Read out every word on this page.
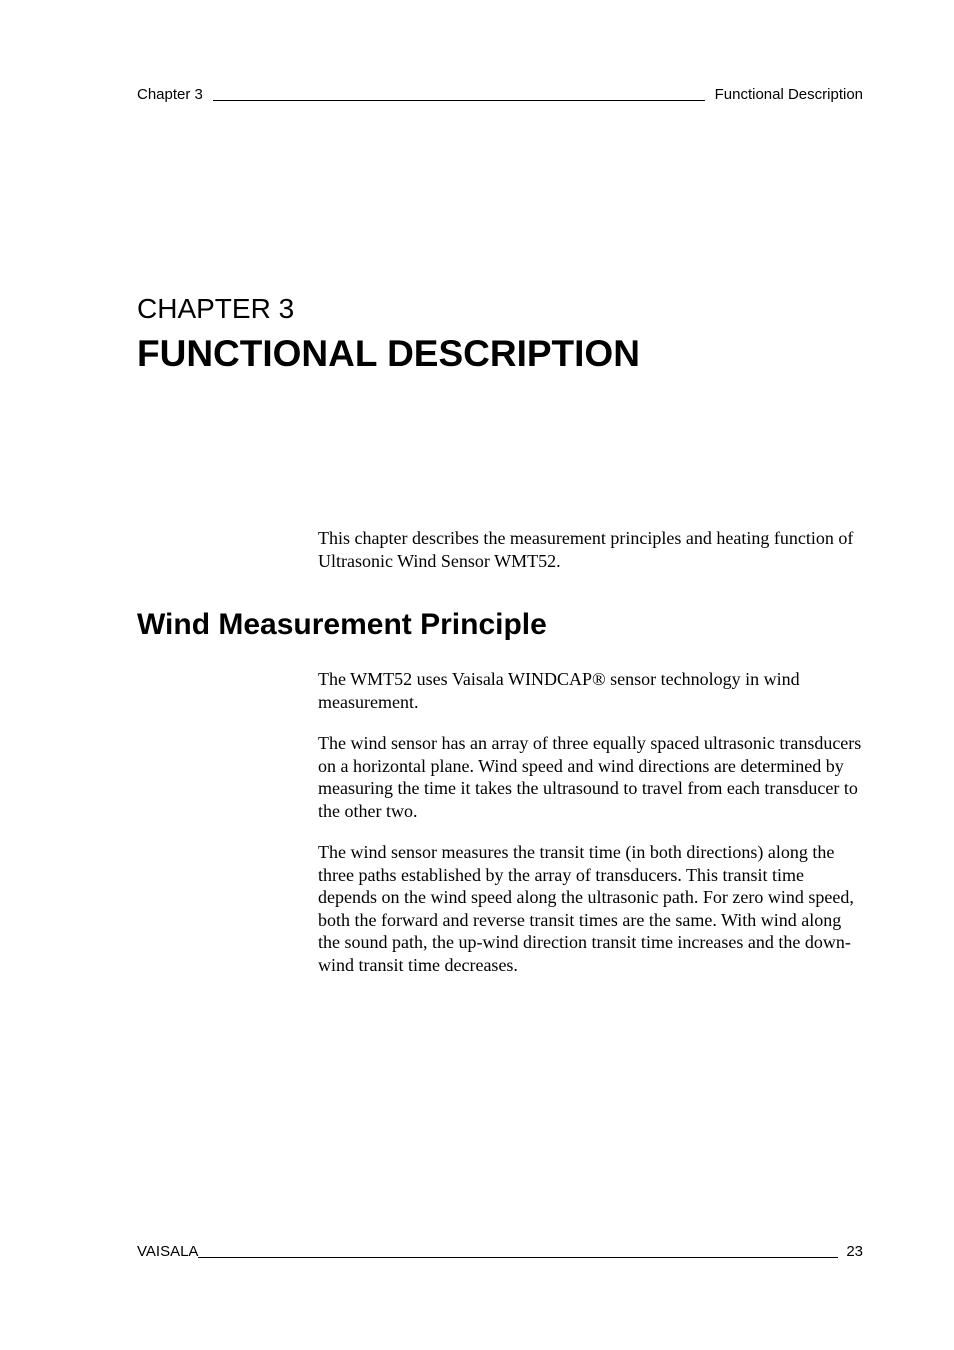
Chapter 3	Functional Description
CHAPTER 3
FUNCTIONAL DESCRIPTION

This chapter describes the measurement principles and heating function of Ultrasonic Wind Sensor WMT52.

Wind Measurement Principle

The WMT52 uses Vaisala WINDCAP® sensor technology in wind measurement.

The wind sensor has an array of three equally spaced ultrasonic transducers on a horizontal plane. Wind speed and wind directions are determined by measuring the time it takes the ultrasound to travel from each transducer to the other two.

The wind sensor measures the transit time (in both directions) along the three paths established by the array of transducers. This transit time depends on the wind speed along the ultrasonic path. For zero wind speed, both the forward and reverse transit times are the same. With wind along the sound path, the up-wind direction transit time increases and the down-wind transit time decreases.

VAISALA	23
